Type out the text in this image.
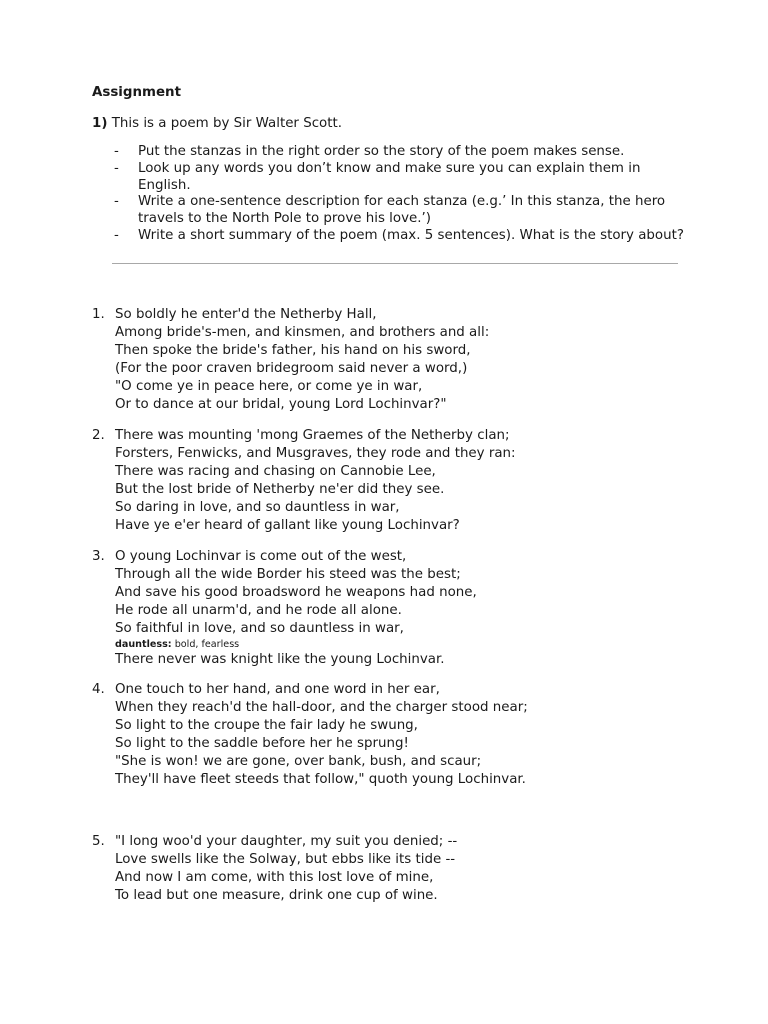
Assignment
1) This is a poem by Sir Walter Scott.
- Put the stanzas in the right order so the story of the poem makes sense.
- Look up any words you don’t know and make sure you can explain them in English.
- Write a one-sentence description for each stanza (e.g.’ In this stanza, the hero travels to the North Pole to prove his love.’)
- Write a short summary of the poem (max. 5 sentences). What is the story about?
1. So boldly he enter'd the Netherby Hall,
Among bride's-men, and kinsmen, and brothers and all:
Then spoke the bride's father, his hand on his sword,
(For the poor craven bridegroom said never a word,)
"O come ye in peace here, or come ye in war,
Or to dance at our bridal, young Lord Lochinvar?"
2. There was mounting 'mong Graemes of the Netherby clan;
Forsters, Fenwicks, and Musgraves, they rode and they ran:
There was racing and chasing on Cannobie Lee,
But the lost bride of Netherby ne'er did they see.
So daring in love, and so dauntless in war,
Have ye e'er heard of gallant like young Lochinvar?
3. O young Lochinvar is come out of the west,
Through all the wide Border his steed was the best;
And save his good broadsword he weapons had none,
He rode all unarm'd, and he rode all alone.
So faithful in love, and so dauntless in war,
dauntless: bold, fearless
There never was knight like the young Lochinvar.
4. One touch to her hand, and one word in her ear,
When they reach'd the hall-door, and the charger stood near;
So light to the croupe the fair lady he swung,
So light to the saddle before her he sprung!
"She is won! we are gone, over bank, bush, and scaur;
They'll have fleet steeds that follow," quoth young Lochinvar.
5. "I long woo'd your daughter, my suit you denied; --
Love swells like the Solway, but ebbs like its tide --
And now I am come, with this lost love of mine,
To lead but one measure, drink one cup of wine.
